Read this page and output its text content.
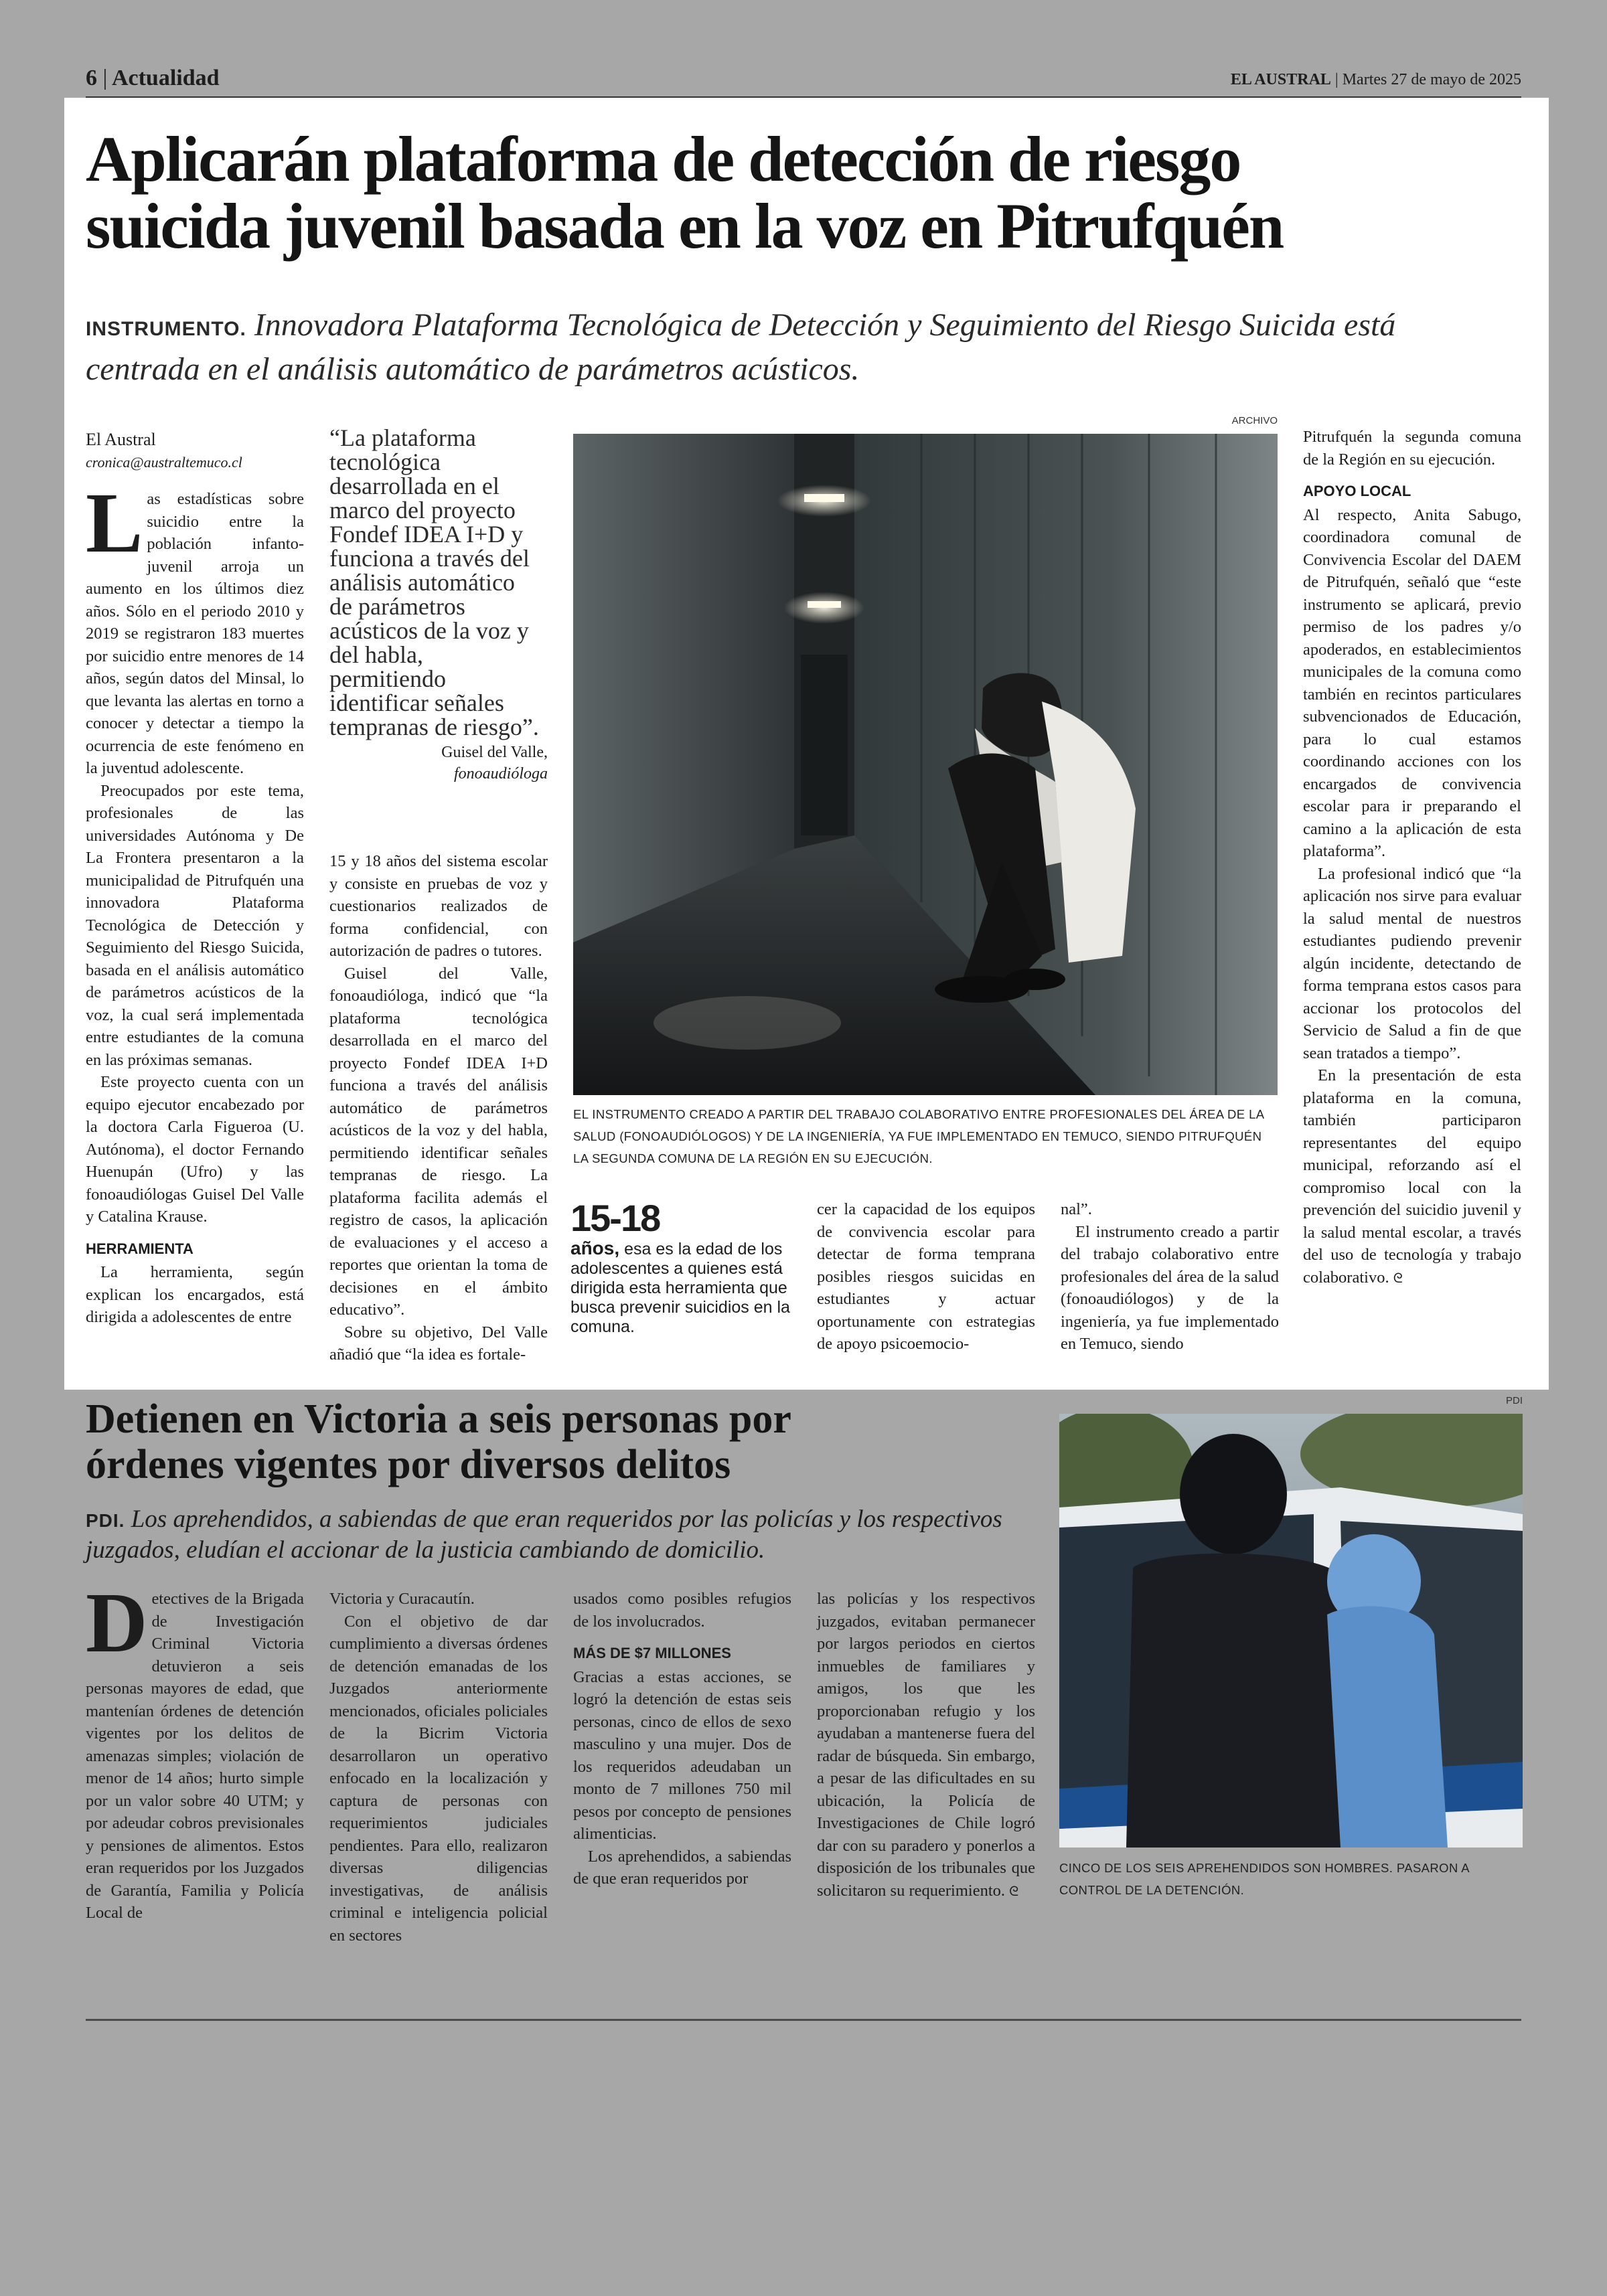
6 | Actualidad	EL AUSTRAL | Martes 27 de mayo de 2025
Aplicarán plataforma de detección de riesgo
suicida juvenil basada en la voz en Pitrufquén
INSTRUMENTO. Innovadora Plataforma Tecnológica de Detección y Seguimiento del Riesgo Suicida está centrada en el análisis automático de parámetros acústicos.

El Austral

cronica@australtemuco.cl

Las estadísticas sobre suicidio entre la población infanto-juvenil arroja un aumento en los últimos diez años. Sólo en el periodo 2010 y 2019 se registraron 183 muertes por suicidio entre menores de 14 años, según datos del Minsal, lo que levanta las alertas en torno a conocer y detectar a tiempo la ocurrencia de este fenómeno en la juventud adolescente.

Preocupados por este tema, profesionales de las universidades Autónoma y De La Frontera presentaron a la municipalidad de Pitrufquén una innovadora Plataforma Tecnológica de Detección y Seguimiento del Riesgo Suicida, basada en el análisis automático de parámetros acústicos de la voz, la cual será implementada entre estudiantes de la comuna en las próximas semanas.

Este proyecto cuenta con un equipo ejecutor encabezado por la doctora Carla Figueroa (U. Autónoma), el doctor Fernando Huenupán (Ufro) y las fonoaudiólogas Guisel Del Valle y Catalina Krause.

HERRAMIENTA

La herramienta, según explican los encargados, está dirigida a adolescentes de entre

“La plataforma tecnológica desarrollada en el marco del proyecto Fondef IDEA I+D y funciona a través del análisis automático de parámetros acústicos de la voz y del habla, permitiendo identificar señales tempranas de riesgo”.
Guisel del Valle,
fonoaudióloga

15 y 18 años del sistema escolar y consiste en pruebas de voz y cuestionarios realizados de forma confidencial, con autorización de padres o tutores.

Guisel del Valle, fonoaudióloga, indicó que “la plataforma tecnológica desarrollada en el marco del proyecto Fondef IDEA I+D funciona a través del análisis automático de parámetros acústicos de la voz y del habla, permitiendo identificar señales tempranas de riesgo. La plataforma facilita además el registro de casos, la aplicación de evaluaciones y el acceso a reportes que orientan la toma de decisiones en el ámbito educativo”.

Sobre su objetivo, Del Valle añadió que “la idea es fortale-

ARCHIVO
EL INSTRUMENTO CREADO A PARTIR DEL TRABAJO COLABORATIVO ENTRE PROFESIONALES DEL ÁREA DE LA SALUD (FONOAUDIÓLOGOS) Y DE LA INGENIERÍA, YA FUE IMPLEMENTADO EN TEMUCO, SIENDO PITRUFQUÉN LA SEGUNDA COMUNA DE LA REGIÓN EN SU EJECUCIÓN.
15-18
años, esa es la edad de los adolescentes a quienes está dirigida esta herramienta que busca prevenir suicidios en la comuna.

cer la capacidad de los equipos de convivencia escolar para detectar de forma temprana posibles riesgos suicidas en estudiantes y actuar oportunamente con estrategias de apoyo psicoemocio-

nal”.

El instrumento creado a partir del trabajo colaborativo entre profesionales del área de la salud (fonoaudiólogos) y de la ingeniería, ya fue implementado en Temuco, siendo

Pitrufquén la segunda comuna de la Región en su ejecución.

APOYO LOCAL

Al respecto, Anita Sabugo, coordinadora comunal de Convivencia Escolar del DAEM de Pitrufquén, señaló que “este instrumento se aplicará, previo permiso de los padres y/o apoderados, en establecimientos municipales de la comuna como también en recintos particulares subvencionados de Educación, para lo cual estamos coordinando acciones con los encargados de convivencia escolar para ir preparando el camino a la aplicación de esta plataforma”.

La profesional indicó que “la aplicación nos sirve para evaluar la salud mental de nuestros estudiantes pudiendo prevenir algún incidente, detectando de forma temprana estos casos para accionar los protocolos del Servicio de Salud a fin de que sean tratados a tiempo”.

En la presentación de esta plataforma en la comuna, también participaron representantes del equipo municipal, reforzando así el compromiso local con la prevención del suicidio juvenil y la salud mental escolar, a través del uso de tecnología y trabajo colaborativo. ᘓ

Detienen en Victoria a seis personas por
órdenes vigentes por diversos delitos
PDI. Los aprehendidos, a sabiendas de que eran requeridos por las policías y los respectivos juzgados, eludían el accionar de la justicia cambiando de domicilio.

Detectives de la Brigada de Investigación Criminal Victoria detuvieron a seis personas mayores de edad, que mantenían órdenes de detención vigentes por los delitos de amenazas simples; violación de menor de 14 años; hurto simple por un valor sobre 40 UTM; y por adeudar cobros previsionales y pensiones de alimentos. Estos eran requeridos por los Juzgados de Garantía, Familia y Policía Local de

Victoria y Curacautín.

Con el objetivo de dar cumplimiento a diversas órdenes de detención emanadas de los Juzgados anteriormente mencionados, oficiales policiales de la Bicrim Victoria desarrollaron un operativo enfocado en la localización y captura de personas con requerimientos judiciales pendientes. Para ello, realizaron diversas diligencias investigativas, de análisis criminal e inteligencia policial en sectores

usados como posibles refugios de los involucrados.

MÁS DE $7 MILLONES

Gracias a estas acciones, se logró la detención de estas seis personas, cinco de ellos de sexo masculino y una mujer. Dos de los requeridos adeudaban un monto de 7 millones 750 mil pesos por concepto de pensiones alimenticias.

Los aprehendidos, a sabiendas de que eran requeridos por

las policías y los respectivos juzgados, evitaban permanecer por largos periodos en ciertos inmuebles de familiares y amigos, los que les proporcionaban refugio y los ayudaban a mantenerse fuera del radar de búsqueda. Sin embargo, a pesar de las dificultades en su ubicación, la Policía de Investigaciones de Chile logró dar con su paradero y ponerlos a disposición de los tribunales que solicitaron su requerimiento. ᘓ

PDI
CINCO DE LOS SEIS APREHENDIDOS SON HOMBRES. PASARON A CONTROL DE LA DETENCIÓN.
